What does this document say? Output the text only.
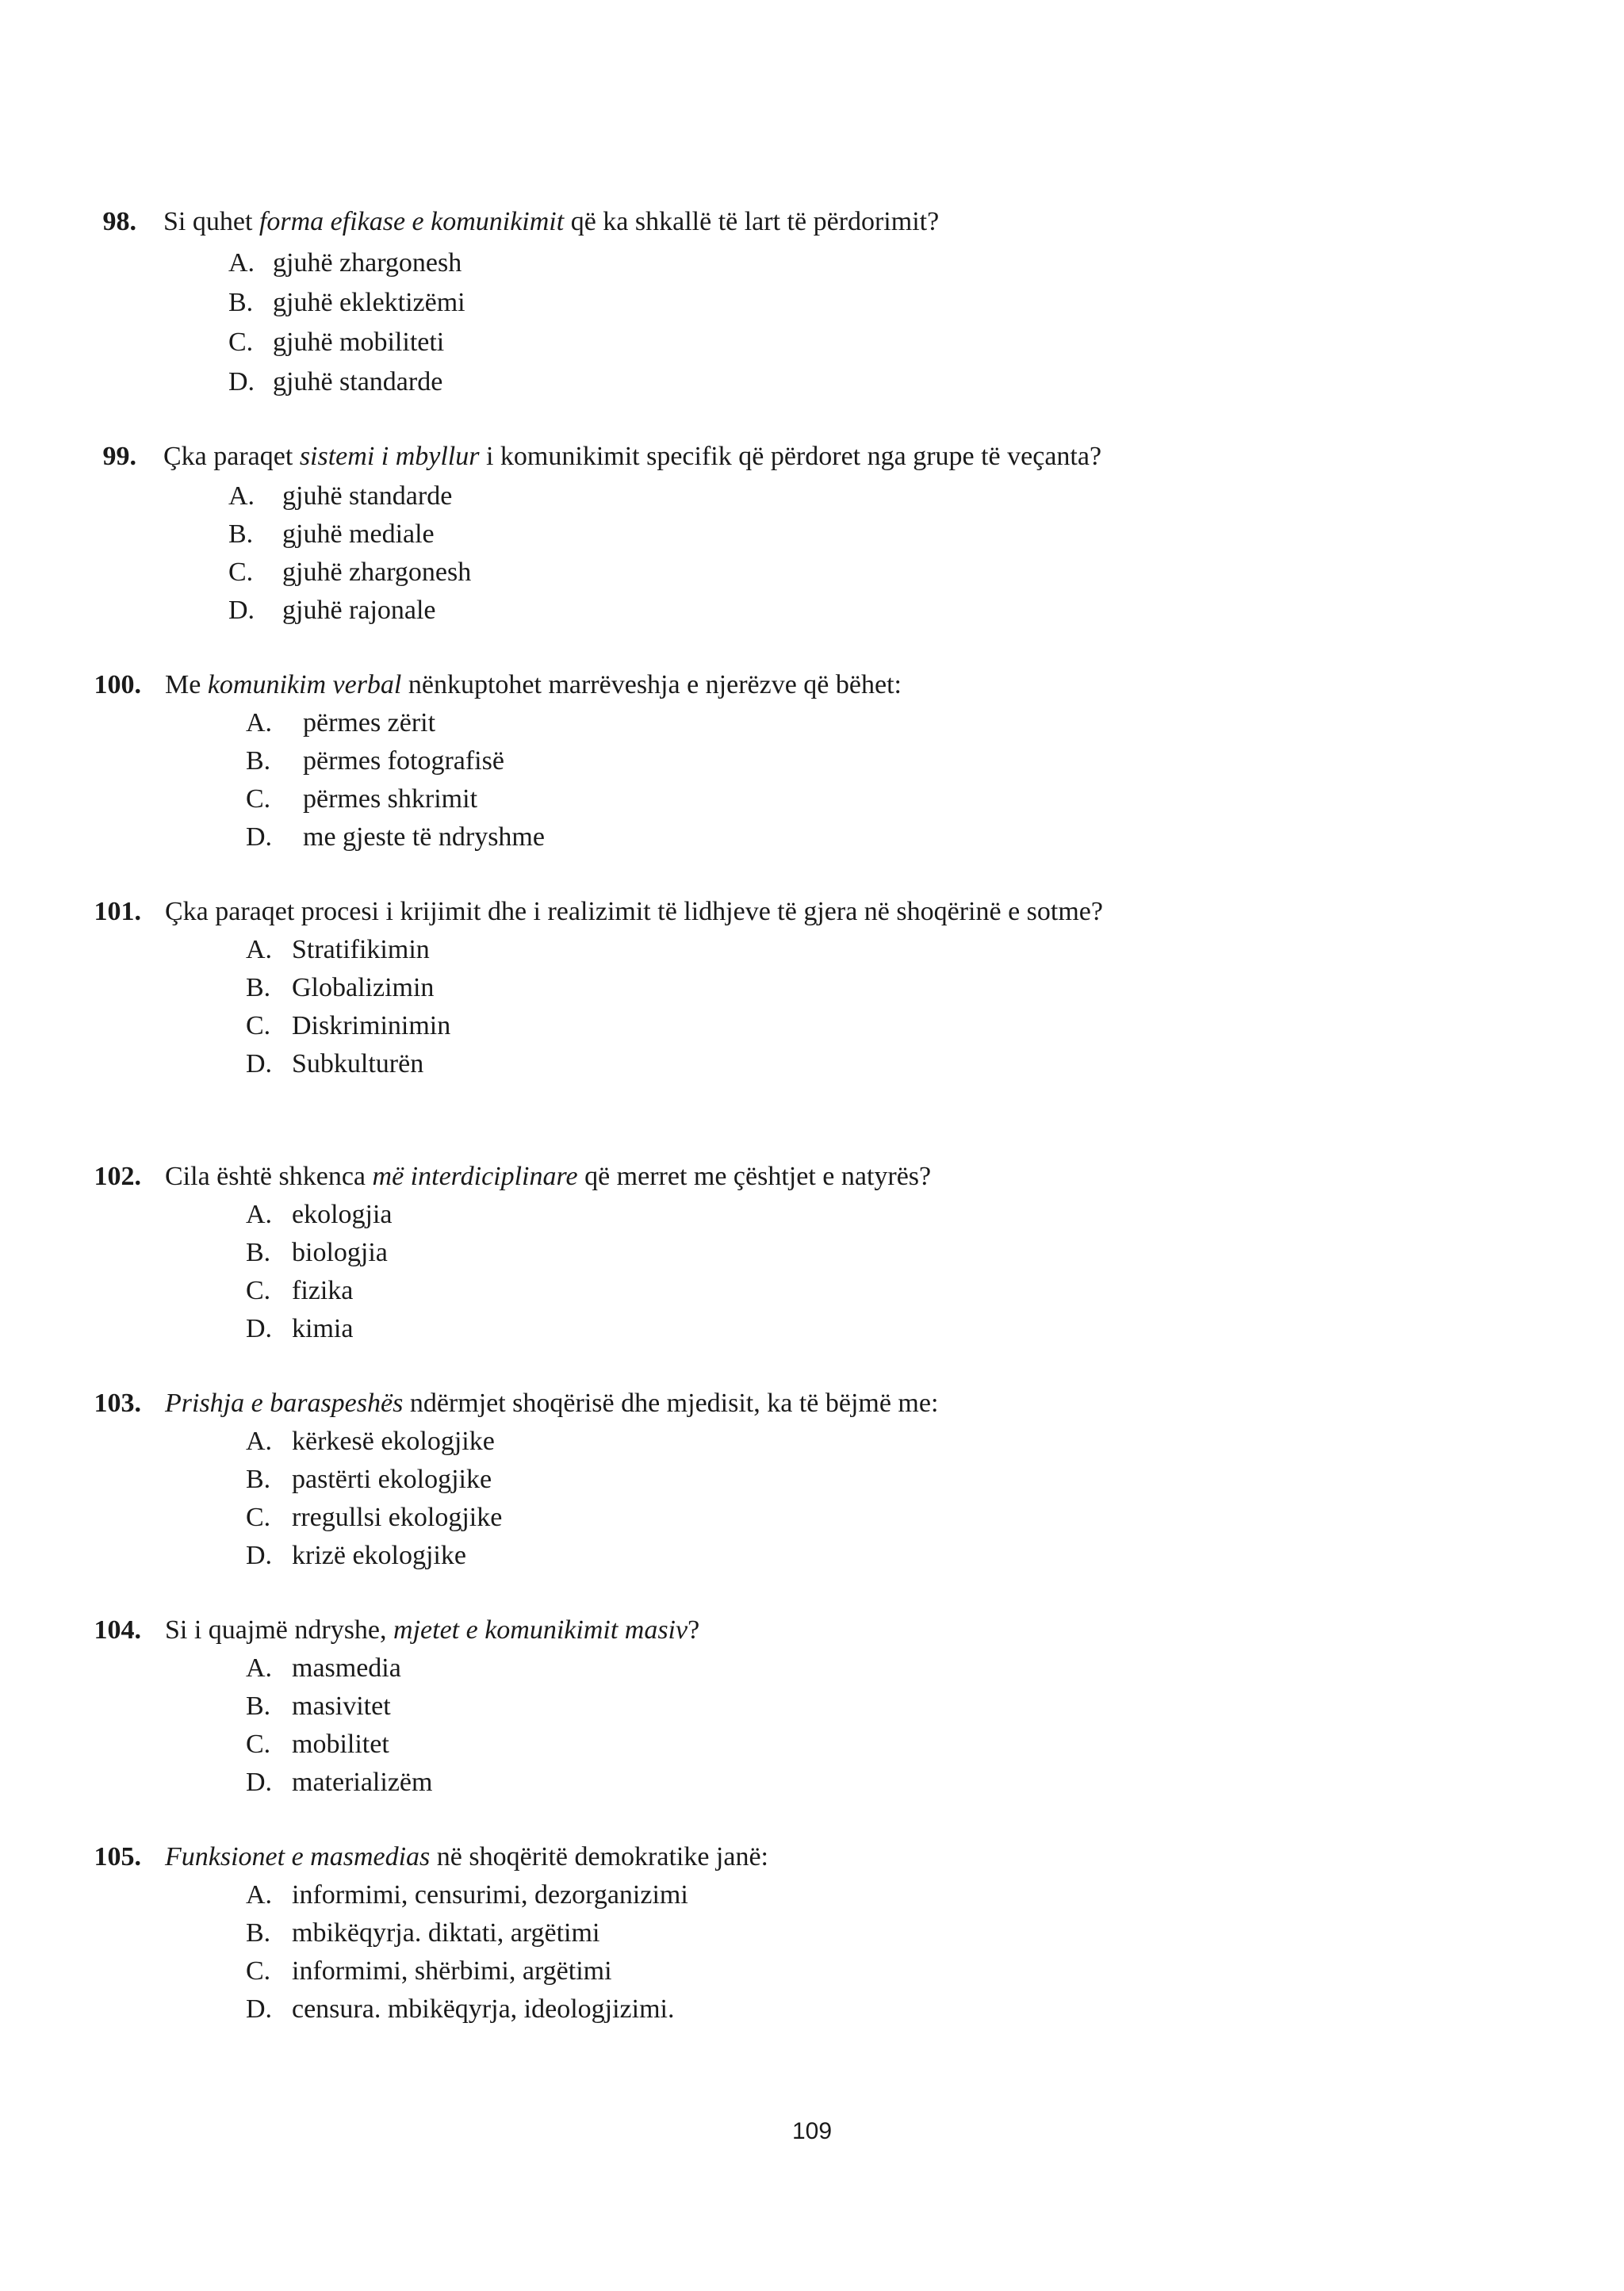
98. Si quhet forma efikase e komunikimit që ka shkallë të lart të përdorimit?
A. gjuhë zhargonesh
B. gjuhë eklektizëmi
C. gjuhë mobiliteti
D. gjuhë standarde
99. Çka paraqet sistemi i mbyllur i komunikimit specifik që përdoret nga grupe të veçanta?
A. gjuhë standarde
B. gjuhë mediale
C. gjuhë zhargonesh
D. gjuhë rajonale
100. Me komunikim verbal nënkuptohet marrëveshja e njerëzve që bëhet:
A. përmes zërit
B. përmes fotografisë
C. përmes shkrimit
D. me gjeste të ndryshme
101. Çka paraqet procesi i krijimit dhe i realizimit të lidhjeve të gjera në shoqërinë e sotme?
A. Stratifikimin
B. Globalizimin
C. Diskriminimin
D. Subkulturën
102. Cila është shkenca më interdiciplinare që merret me çështjet e natyrës?
A. ekologjia
B. biologjia
C. fizika
D. kimia
103. Prishja e baraspeshës ndërmjet shoqërisë dhe mjedisit, ka të bëjmë me:
A. kërkesë ekologjike
B. pastërti ekologjike
C. rregullsi ekologjike
D. krizë ekologjike
104. Si i quajmë ndryshe, mjetet e komunikimit masiv?
A. masmedia
B. masivitet
C. mobilitet
D. materializëm
105. Funksionet e masmedias në shoqëritë demokratike janë:
A. informimi, censurimi, dezorganizimi
B. mbikëqyrja. diktati, argëtimi
C. informimi, shërbimi, argëtimi
D. censura. mbikëqyrja, ideologjizimi.
109
